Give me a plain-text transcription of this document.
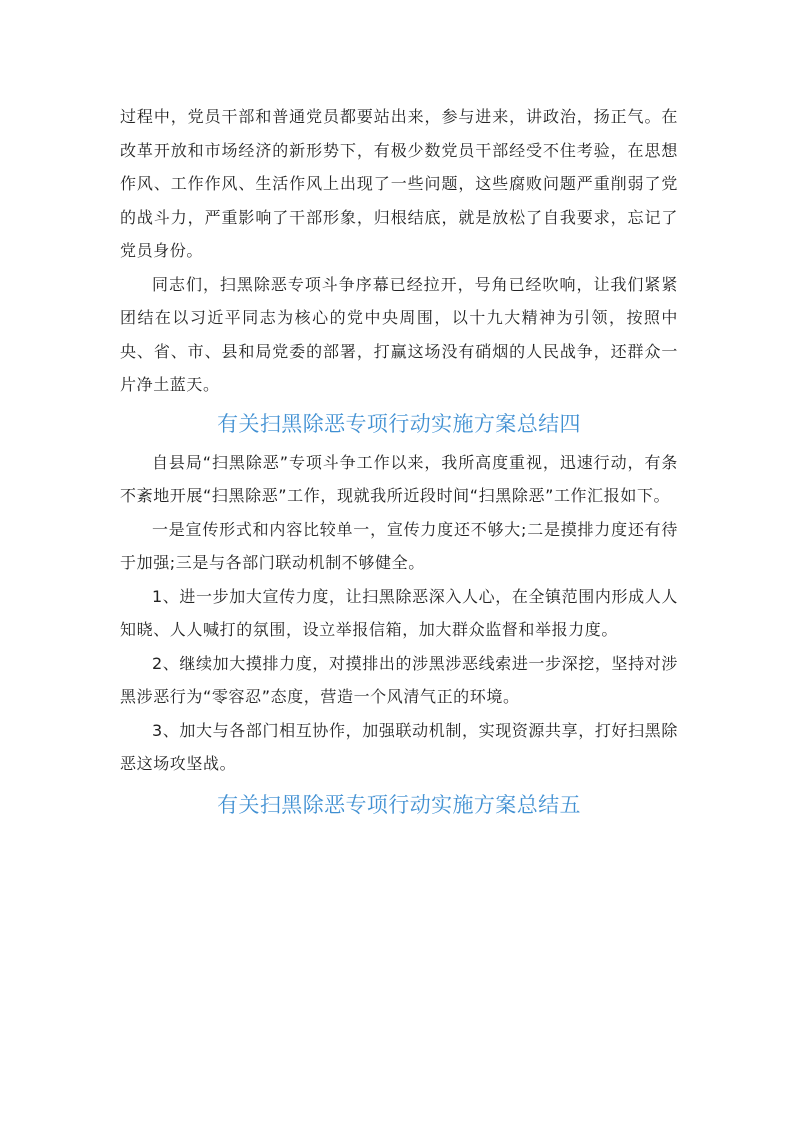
过程中，党员干部和普通党员都要站出来，参与进来，讲政治，扬正气。在改革开放和市场经济的新形势下，有极少数党员干部经受不住考验，在思想作风、工作作风、生活作风上出现了一些问题，这些腐败问题严重削弱了党的战斗力，严重影响了干部形象，归根结底，就是放松了自我要求，忘记了党员身份。

同志们，扫黑除恶专项斗争序幕已经拉开，号角已经吹响，让我们紧紧团结在以习近平同志为核心的党中央周围，以十九大精神为引领，按照中央、省、市、县和局党委的部署，打赢这场没有硝烟的人民战争，还群众一片净土蓝天。

有关扫黑除恶专项行动实施方案总结四

自县局“扫黑除恶”专项斗争工作以来，我所高度重视，迅速行动，有条不紊地开展“扫黑除恶”工作，现就我所近段时间“扫黑除恶”工作汇报如下。

一是宣传形式和内容比较单一，宣传力度还不够大;二是摸排力度还有待于加强;三是与各部门联动机制不够健全。

1、进一步加大宣传力度，让扫黑除恶深入人心，在全镇范围内形成人人知晓、人人喊打的氛围，设立举报信箱，加大群众监督和举报力度。

2、继续加大摸排力度，对摸排出的涉黑涉恶线索进一步深挖，坚持对涉黑涉恶行为“零容忍”态度，营造一个风清气正的环境。

3、加大与各部门相互协作，加强联动机制，实现资源共享，打好扫黑除恶这场攻坚战。

有关扫黑除恶专项行动实施方案总结五
